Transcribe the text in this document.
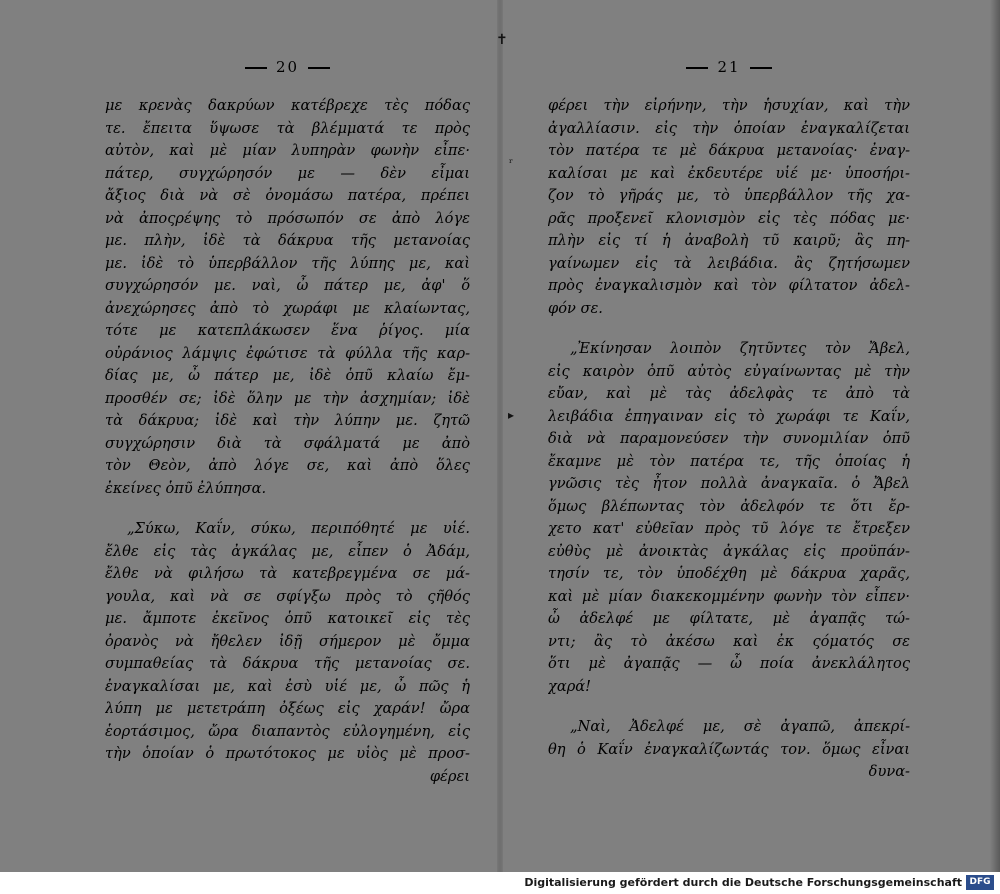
✝
ʳ
▸
20
με κρενὰς δακρύων κατέβρεχε τὲς πόδας
τε. ἔπειτα ὕψωσε τὰ βλέμματά τε πρὸς
αὐτὸν, καὶ μὲ μίαν λυπηρὰν φωνὴν εἶπε·
πάτερ, συγχώρησόν με — δὲν εἶμαι
ἄξιος διὰ νὰ σὲ ὀνομάσω πατέρα, πρέπει
νὰ ἀποςρέψης τὸ πρόσωπόν σε ἀπὸ λόγε
με. πλὴν, ἰδὲ τὰ δάκρυα τῆς μετανοίας
με. ἰδὲ τὸ ὑπερβάλλον τῆς λύπης με, καὶ
συγχώρησόν με. ναὶ, ὦ πάτερ με, ἀφ' ὅ
ἀνεχώρησες ἀπὸ τὸ χωράφι με κλαίωντας,
τότε με κατεπλάκωσεν ἕνα ῥίγος. μία
οὐράνιος λάμψις ἐφώτισε τὰ φύλλα τῆς καρ-
δίας με, ὦ πάτερ με, ἰδὲ ὁπῦ κλαίω ἔμ-
προσθέν σε; ἰδὲ ὅλην με τὴν ἀσχημίαν; ἰδὲ
τὰ δάκρυα; ἰδὲ καὶ τὴν λύπην με. ζητῶ
συγχώρησιν διὰ τὰ σφάλματά με ἀπὸ
τὸν Θεὸν, ἀπὸ λόγε σε, καὶ ἀπὸ ὅλες
ἐκείνες ὁπῦ ἐλύπησα.
„Σύκω, Καΐν, σύκω, περιπόθητέ με υἱέ.
ἔλθε εἰς τὰς ἀγκάλας με, εἶπεν ὁ Ἀδάμ,
ἔλθε νὰ φιλήσω τὰ κατεβρεγμένα σε μά-
γουλα, καὶ νὰ σε σφίγξω πρὸς τὸ ςῆθός
με. ἄμποτε ἐκεῖνος ὁπῦ κατοικεῖ εἰς τὲς
ὀρανὸς νὰ ἤθελεν ἰδῇ σήμερον μὲ ὄμμα
συμπαθείας τὰ δάκρυα τῆς μετανοίας σε.
ἐναγκαλίσαι με, καὶ ἐσὺ υἱέ με, ὦ πῶς ἡ
λύπη με μετετράπη ὀξέως εἰς χαράν! ὤρα
ἑορτάσιμος, ὤρα διαπαντὸς εὐλογημένη, εἰς
τὴν ὁποίαν ὁ πρωτότοκος με υἱὸς μὲ προσ-
φέρει
21
φέρει τὴν εἰρήνην, τὴν ἡσυχίαν, καὶ τὴν
ἀγαλλίασιν. εἰς τὴν ὁποίαν ἐναγκαλίζεται
τὸν πατέρα τε μὲ δάκρυα μετανοίας· ἐναγ-
καλίσαι με καὶ ἐκδευτέρε υἱέ με· ὑποσήρι-
ζον τὸ γῆράς με, τὸ ὑπερβάλλον τῆς χα-
ρᾶς προξενεῖ κλονισμὸν εἰς τὲς πόδας με·
πλὴν εἰς τί ἡ ἀναβολὴ τῦ καιρῦ; ἂς πη-
γαίνωμεν εἰς τὰ λειβάδια. ἂς ζητήσωμεν
πρὸς ἐναγκαλισμὸν καὶ τὸν φίλτατον ἀδελ-
φόν σε.
„Ἐκίνησαν λοιπὸν ζητῦντες τὸν Ἄβελ,
εἰς καιρὸν ὁπῦ αὐτὸς εὐγαίνωντας μὲ τὴν
εὔαν, καὶ μὲ τὰς ἀδελφὰς τε ἀπὸ τὰ
λειβάδια ἐπηγαιναν εἰς τὸ χωράφι τε Καΐν,
διὰ νὰ παραμονεύσεν τὴν συνομιλίαν ὁπῦ
ἔκαμνε μὲ τὸν πατέρα τε, τῆς ὁποίας ἡ
γνῶσις τὲς ἦτον πολλὰ ἀναγκαῖα. ὁ Ἄβελ
ὅμως βλέπωντας τὸν ἀδελφόν τε ὅτι ἔρ-
χετο κατ' εὐθεῖαν πρὸς τῦ λόγε τε ἔτρεξεν
εὐθὺς μὲ ἀνοικτὰς ἀγκάλας εἰς προϋπάν-
τησίν τε, τὸν ὑποδέχθη μὲ δάκρυα χαρᾶς,
καὶ μὲ μίαν διακεκομμένην φωνὴν τὸν εἶπεν·
ὦ ἀδελφέ με φίλτατε, μὲ ἀγαπᾷς τώ-
ντι; ἂς τὸ ἀκέσω καὶ ἐκ ςόματός σε
ὅτι μὲ ἀγαπᾷς — ὦ ποία ἀνεκλάλητος
χαρά!
„Ναὶ, Ἀδελφέ με, σὲ ἀγαπῶ, ἀπεκρί-
θη ὁ Καΐν ἐναγκαλίζωντάς τον. ὅμως εἶναι
δυνα-
Digitalisierung gefördert durch die Deutsche Forschungsgemeinschaft DFG
